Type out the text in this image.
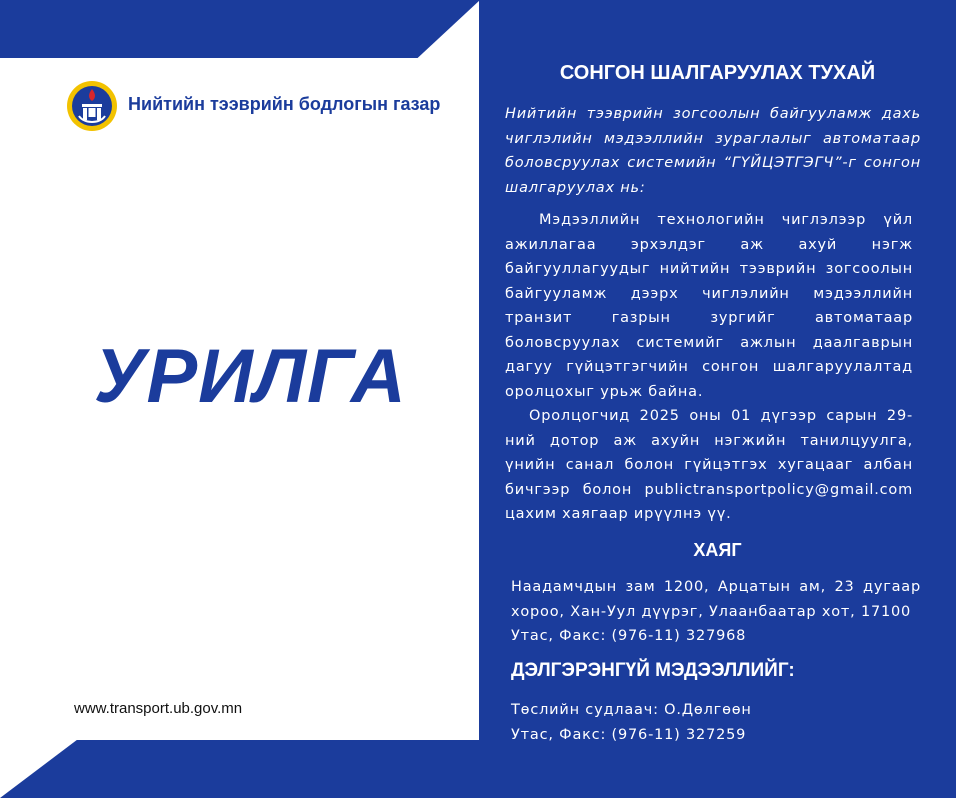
Нийтийн тээврийн бодлогын газар
УРИЛГА
www.transport.ub.gov.mn
СОНГОН ШАЛГАРУУЛАХ ТУХАЙ
Нийтийн тээврийн зогсоолын байгууламж дахь чиглэлийн мэдээллийн зураглалыг автоматаар боловсруулах системийн “ГҮЙЦЭТГЭГЧ”-г сонгон шалгаруулах нь:
Мэдээллийн технологийн чиглэлээр үйл ажиллагаа эрхэлдэг аж ахуй нэгж байгууллагуудыг нийтийн тээврийн зогсоолын байгууламж дээрх чиглэлийн мэдээллийн транзит газрын зургийг автоматаар боловсруулах системийг ажлын даалгаврын дагуу гүйцэтгэгчийн сонгон шалгаруулалтад оролцохыг урьж байна.
Оролцогчид 2025 оны 01 дүгээр сарын 29-ний дотор аж ахуйн нэгжийн танилцуулга, үнийн санал болон гүйцэтгэх хугацааг албан бичгээр болон publictransportpolicy@gmail.com цахим хаягаар ирүүлнэ үү.
ХАЯГ
Наадамчдын зам 1200, Арцатын ам, 23 дугаар хороо, Хан-Уул дүүрэг, Улаанбаатар хот, 17100
Утас, Факс: (976-11) 327968
ДЭЛГЭРЭНГҮЙ МЭДЭЭЛЛИЙГ:
Төслийн судлаач: О.Дөлгөөн
Утас, Факс: (976-11) 327259
